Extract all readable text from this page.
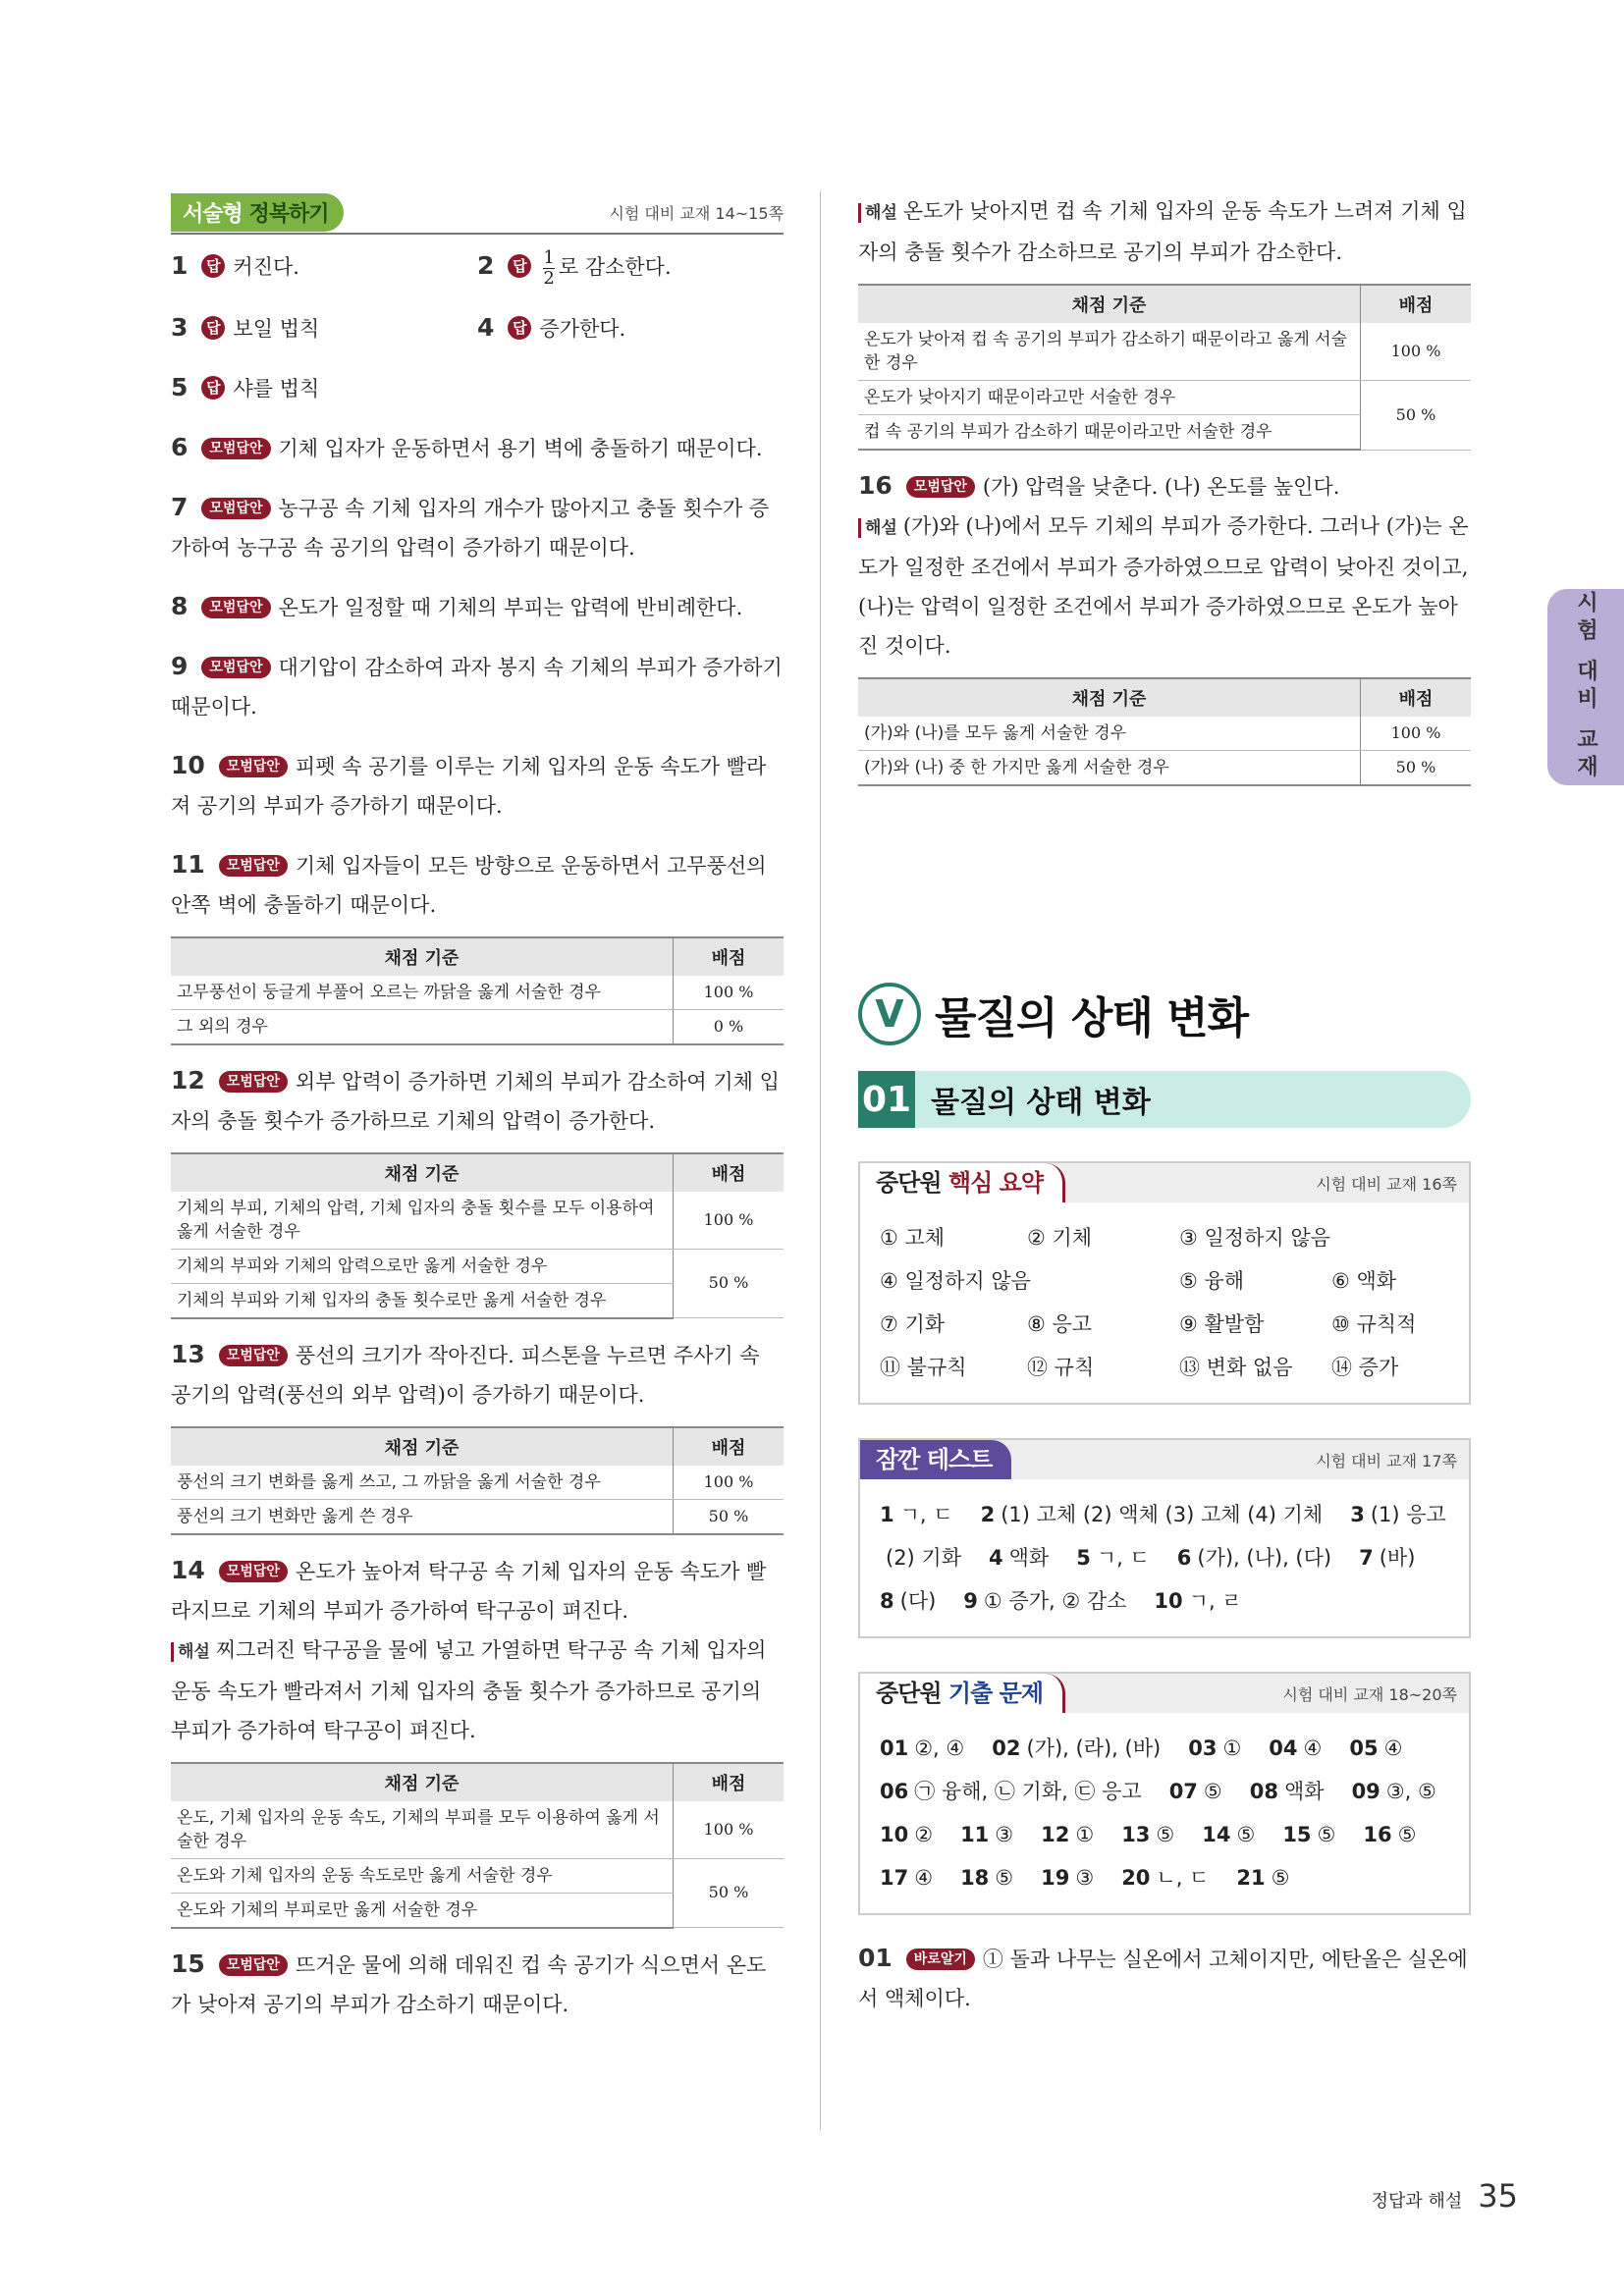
서술형 정복하기	시험 대비 교재 14~15쪽
1 답 커진다.	2 답 $\frac{1}{2}$ 로 감소한다.
3 답 보일 법칙	4 답 증가한다.
5 답 샤를 법칙
6 모범답안 기체 입자가 운동하면서 용기 벽에 충돌하기 때문이다.
7 모범답안 농구공 속 기체 입자의 개수가 많아지고 충돌 횟수가 증가하여 농구공 속 공기의 압력이 증가하기 때문이다.
8 모범답안 온도가 일정할 때 기체의 부피는 압력에 반비례한다.
9 모범답안 대기압이 감소하여 과자 봉지 속 기체의 부피가 증가하기 때문이다.
10 모범답안 피펫 속 공기를 이루는 기체 입자의 운동 속도가 빨라져 공기의 부피가 증가하기 때문이다.
11 모범답안 기체 입자들이 모든 방향으로 운동하면서 고무풍선의 안쪽 벽에 충돌하기 때문이다.
채점 기준	배점
고무풍선이 둥글게 부풀어 오르는 까닭을 옳게 서술한 경우	100 %
그 외의 경우	0 %
12 모범답안 외부 압력이 증가하면 기체의 부피가 감소하여 기체 입자의 충돌 횟수가 증가하므로 기체의 압력이 증가한다.
채점 기준	배점
기체의 부피, 기체의 압력, 기체 입자의 충돌 횟수를 모두 이용하여 옳게 서술한 경우	100 %
기체의 부피와 기체의 압력으로만 옳게 서술한 경우	50 %
기체의 부피와 기체 입자의 충돌 횟수로만 옳게 서술한 경우	
13 모범답안 풍선의 크기가 작아진다. 피스톤을 누르면 주사기 속 공기의 압력(풍선의 외부 압력)이 증가하기 때문이다.
채점 기준	배점
풍선의 크기 변화를 옳게 쓰고, 그 까닭을 옳게 서술한 경우	100 %
풍선의 크기 변화만 옳게 쓴 경우	50 %
14 모범답안 온도가 높아져 탁구공 속 기체 입자의 운동 속도가 빨라지므로 기체의 부피가 증가하여 탁구공이 펴진다.
해설 찌그러진 탁구공을 물에 넣고 가열하면 탁구공 속 기체 입자의 운동 속도가 빨라져서 기체 입자의 충돌 횟수가 증가하므로 공기의 부피가 증가하여 탁구공이 펴진다.
채점 기준	배점
온도, 기체 입자의 운동 속도, 기체의 부피를 모두 이용하여 옳게 서술한 경우	100 %
온도와 기체 입자의 운동 속도로만 옳게 서술한 경우	50 %
온도와 기체의 부피로만 옳게 서술한 경우	
15 모범답안 뜨거운 물에 의해 데워진 컵 속 공기가 식으면서 온도가 낮아져 공기의 부피가 감소하기 때문이다.
해설 온도가 낮아지면 컵 속 기체 입자의 운동 속도가 느려져 기체 입자의 충돌 횟수가 감소하므로 공기의 부피가 감소한다.
채점 기준	배점
온도가 낮아져 컵 속 공기의 부피가 감소하기 때문이라고 옳게 서술한 경우	100 %
온도가 낮아지기 때문이라고만 서술한 경우	50 %
컵 속 공기의 부피가 감소하기 때문이라고만 서술한 경우	
16 모범답안 (가) 압력을 낮춘다. (나) 온도를 높인다.
해설 (가)와 (나)에서 모두 기체의 부피가 증가한다. 그러나 (가)는 온도가 일정한 조건에서 부피가 증가하였으므로 압력이 낮아진 것이고, (나)는 압력이 일정한 조건에서 부피가 증가하였으므로 온도가 높아진 것이다.
채점 기준	배점
(가)와 (나)를 모두 옳게 서술한 경우	100 %
(가)와 (나) 중 한 가지만 옳게 서술한 경우	50 %
V 물질의 상태 변화
01 물질의 상태 변화
중단원 핵심 요약	시험 대비 교재 16쪽
① 고체	② 기체	③ 일정하지 않음
④ 일정하지 않음	⑤ 융해	⑥ 액화
⑦ 기화	⑧ 응고	⑨ 활발함	⑩ 규칙적
⑪ 불규칙	⑫ 규칙	⑬ 변화 없음	⑭ 증가
잠깐 테스트	시험 대비 교재 17쪽
1 ㄱ, ㄷ 2 (1) 고체 (2) 액체 (3) 고체 (4) 기체 3 (1) 응고
(2) 기화 4 액화 5 ㄱ, ㄷ 6 (가), (나), (다) 7 (바)
8 (다) 9 ① 증가, ② 감소 10 ㄱ, ㄹ
중단원 기출 문제	시험 대비 교재 18~20쪽
01 ②, ④ 02 (가), (라), (바) 03 ① 04 ④ 05 ④
06 ㉠ 융해, ㉡ 기화, ㉢ 응고 07 ⑤ 08 액화 09 ③, ⑤
10 ② 11 ③ 12 ① 13 ⑤ 14 ⑤ 15 ⑤ 16 ⑤
17 ④ 18 ⑤ 19 ③ 20 ㄴ, ㄷ 21 ⑤
01 바로알기 ① 돌과 나무는 실온에서 고체이지만, 에탄올은 실온에서 액체이다.
시험 대비 교재
정답과 해설 35
